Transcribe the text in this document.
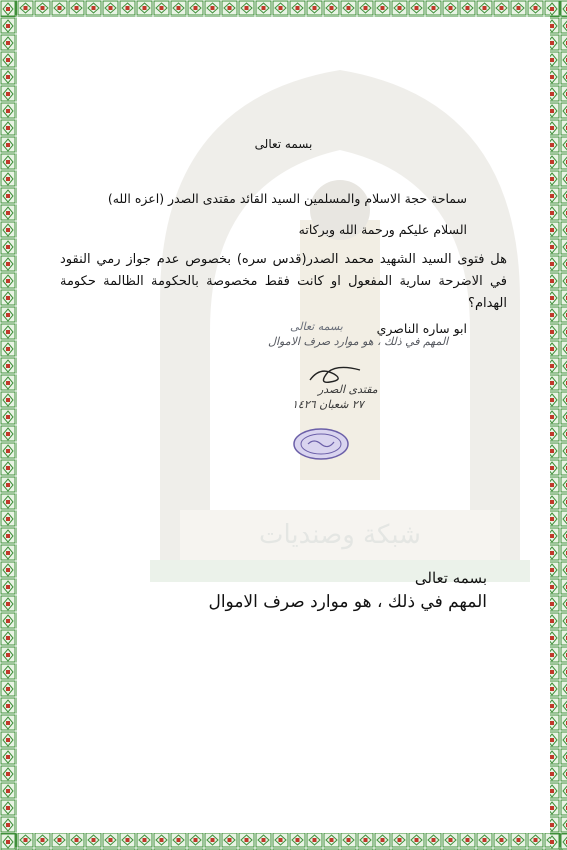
شبكة وصنديات
بسمه تعالى
سماحة حجة الاسلام والمسلمين السيد القائد مقتدى الصدر (اعزه الله)
السلام عليكم ورحمة الله وبركاته
هل فتوى السيد الشهيد محمد الصدر(قدس سره) بخصوص عدم جواز رمي النقود في الاضرحة سارية المفعول او كانت فقط مخصوصة بالحكومة الظالمة حكومة الهدام؟
ابو ساره الناصري
بسمه تعالى
المهم في ذلك ، هو موارد صرف الاموال
مقتدى الصدر
٢٧ شعبان ١٤٢٦
بسمه تعالى
المهم في ذلك ، هو موارد صرف الاموال
